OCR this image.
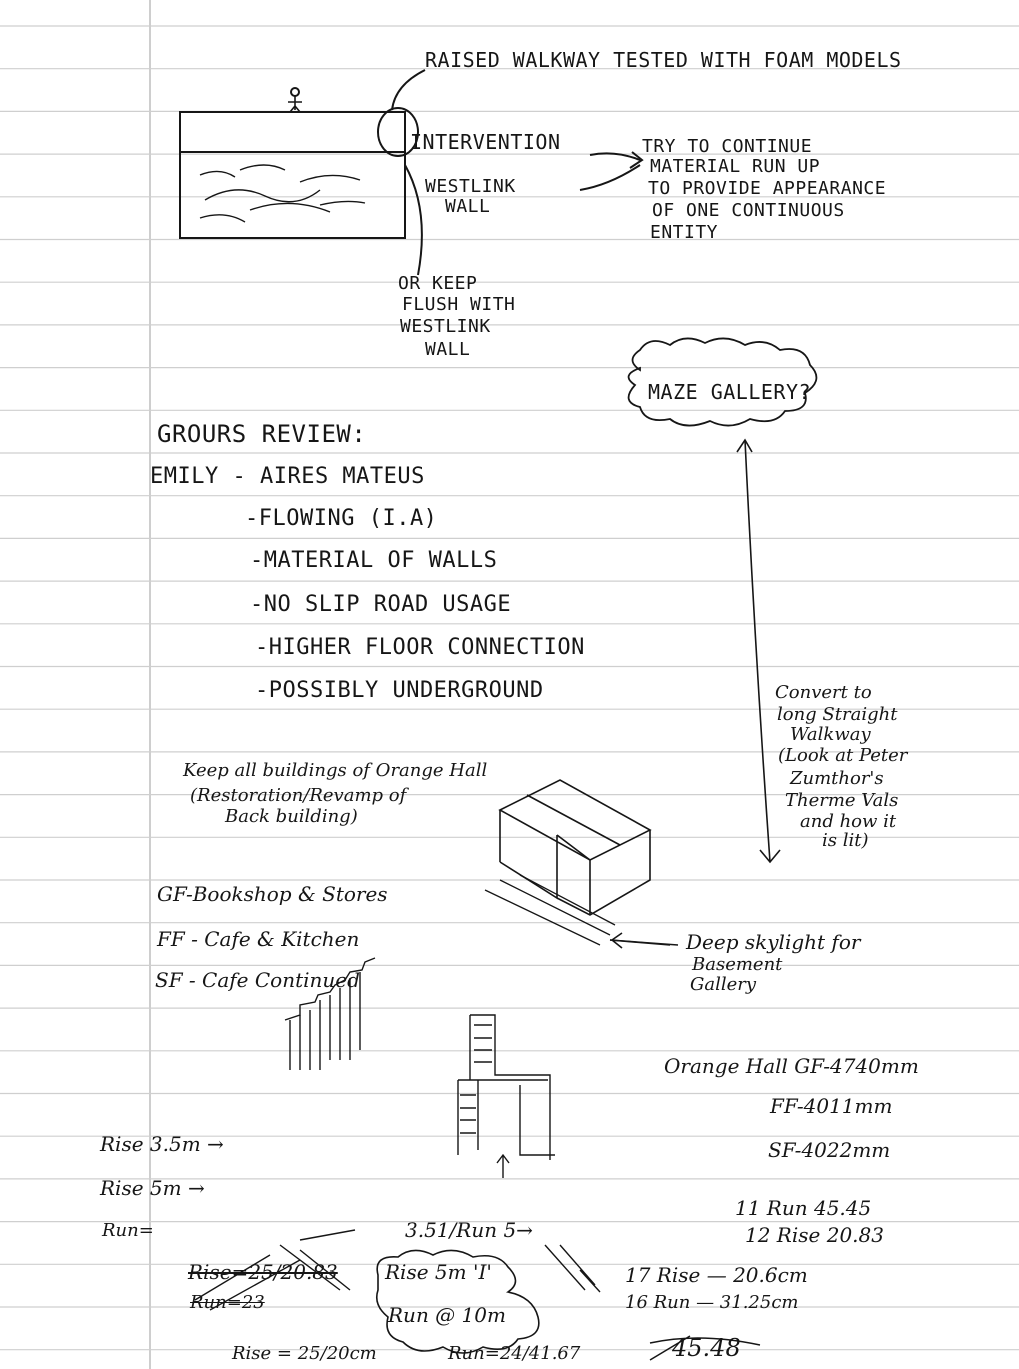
RAISED WALKWAY TESTED WITH FOAM MODELS
INTERVENTION
WESTLINK
WALL
TRY TO CONTINUE
MATERIAL RUN UP
TO PROVIDE APPEARANCE
OF ONE CONTINUOUS
ENTITY
OR KEEP
FLUSH WITH
WESTLINK
WALL
MAZE GALLERY?
GROURS REVIEW:
EMILY - AIRES MATEUS
-FLOWING (I.A)
-MATERIAL OF WALLS
-NO SLIP ROAD USAGE
-HIGHER FLOOR CONNECTION
-POSSIBLY UNDERGROUND	Convert to
long Straight
Walkway
(Look at Peter
Zumthor's
Therme Vals
and how it
is lit)
Keep all buildings of Orange Hall
(Restoration/Revamp of
Back building)
GF-Bookshop & Stores
FF - Cafe & Kitchen
SF - Cafe Continued
Deep skylight for
Basement
Gallery
Orange Hall GF-4740mm
FF-4011mm
SF-4022mm
Rise 3.5m →
Rise 5m →
Run=	3.51/Run 5→
11 Run 45.45
12 Rise 20.83
Rise=25/20.83
Run=23
Rise 5m 'I'
Run @ 10m
17 Rise — 20.6cm
16 Run — 31.25cm
Rise = 25/20cm	Run=24/41.67	45.48
